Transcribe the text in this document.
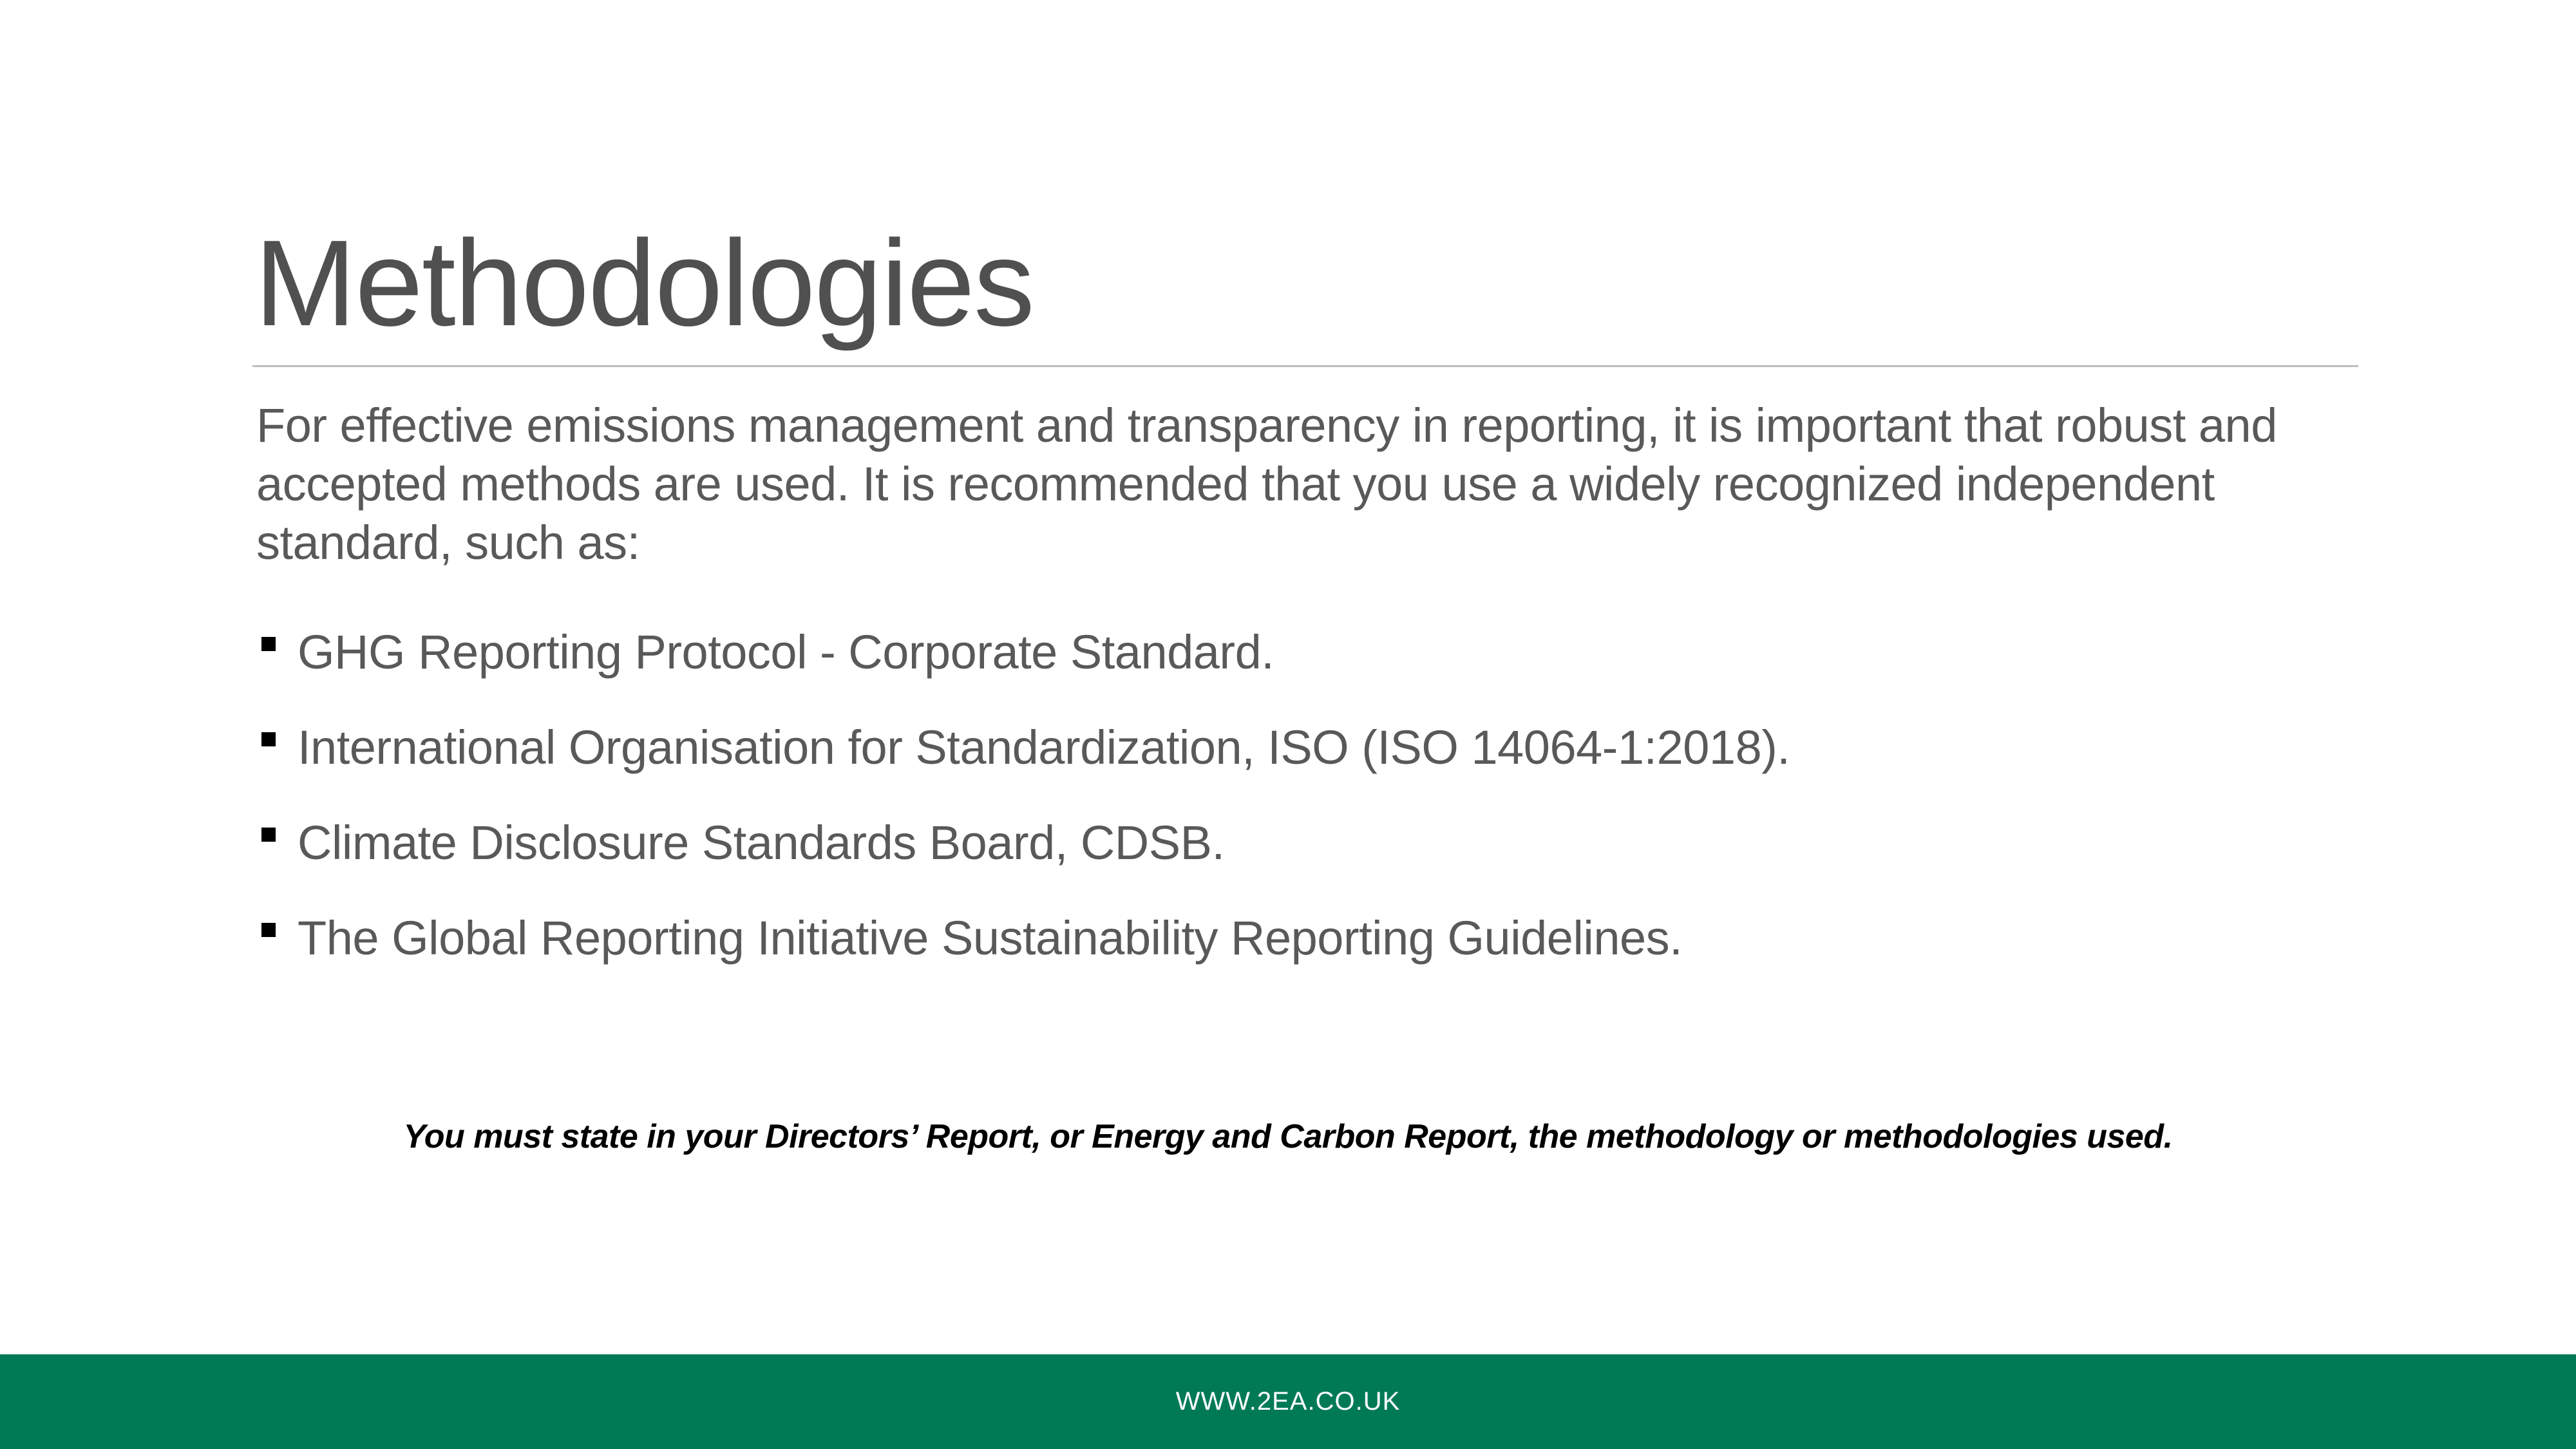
Methodologies

For effective emissions management and transparency in reporting, it is important that robust and accepted methods are used. It is recommended that you use a widely recognized independent standard, such as:

GHG Reporting Protocol - Corporate Standard.
International Organisation for Standardization, ISO (ISO 14064-1:2018).
Climate Disclosure Standards Board, CDSB.
The Global Reporting Initiative Sustainability Reporting Guidelines.
You must state in your Directors’ Report, or Energy and Carbon Report, the methodology or methodologies used.
WWW.2EA.CO.UK
